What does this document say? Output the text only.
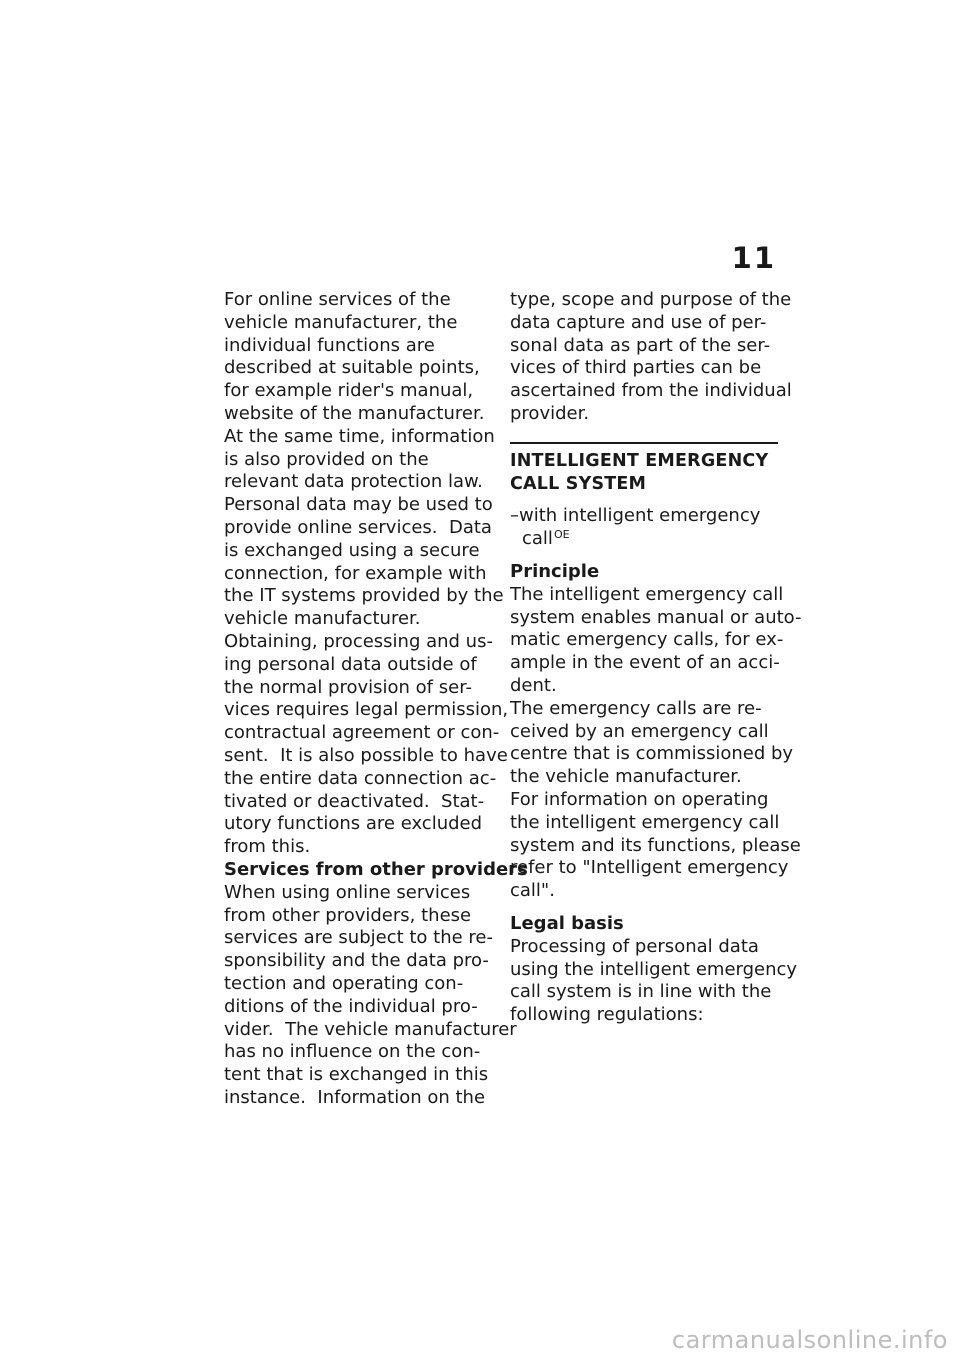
11
For online services of the
vehicle manufacturer, the
individual functions are
described at suitable points,
for example rider's manual,
website of the manufacturer.
At the same time, information
is also provided on the
relevant data protection law.
Personal data may be used to
provide online services.  Data
is exchanged using a secure
connection, for example with
the IT systems provided by the
vehicle manufacturer.
Obtaining, processing and us-
ing personal data outside of
the normal provision of ser-
vices requires legal permission,
contractual agreement or con-
sent.  It is also possible to have
the entire data connection ac-
tivated or deactivated.  Stat-
utory functions are excluded
from this.
Services from other providers
When using online services
from other providers, these
services are subject to the re-
sponsibility and the data pro-
tection and operating con-
ditions of the individual pro-
vider.  The vehicle manufacturer
has no influence on the con-
tent that is exchanged in this
instance.  Information on the
type, scope and purpose of the
data capture and use of per-
sonal data as part of the ser-
vices of third parties can be
ascertained from the individual
provider.
INTELLIGENT EMERGENCY
CALL SYSTEM
–with intelligent emergency
call$^{OE}$
Principle
The intelligent emergency call
system enables manual or auto-
matic emergency calls, for ex-
ample in the event of an acci-
dent.
The emergency calls are re-
ceived by an emergency call
centre that is commissioned by
the vehicle manufacturer.
For information on operating
the intelligent emergency call
system and its functions, please
refer to "Intelligent emergency
call".
Legal basis
Processing of personal data
using the intelligent emergency
call system is in line with the
following regulations:
carmanualsonline.info
